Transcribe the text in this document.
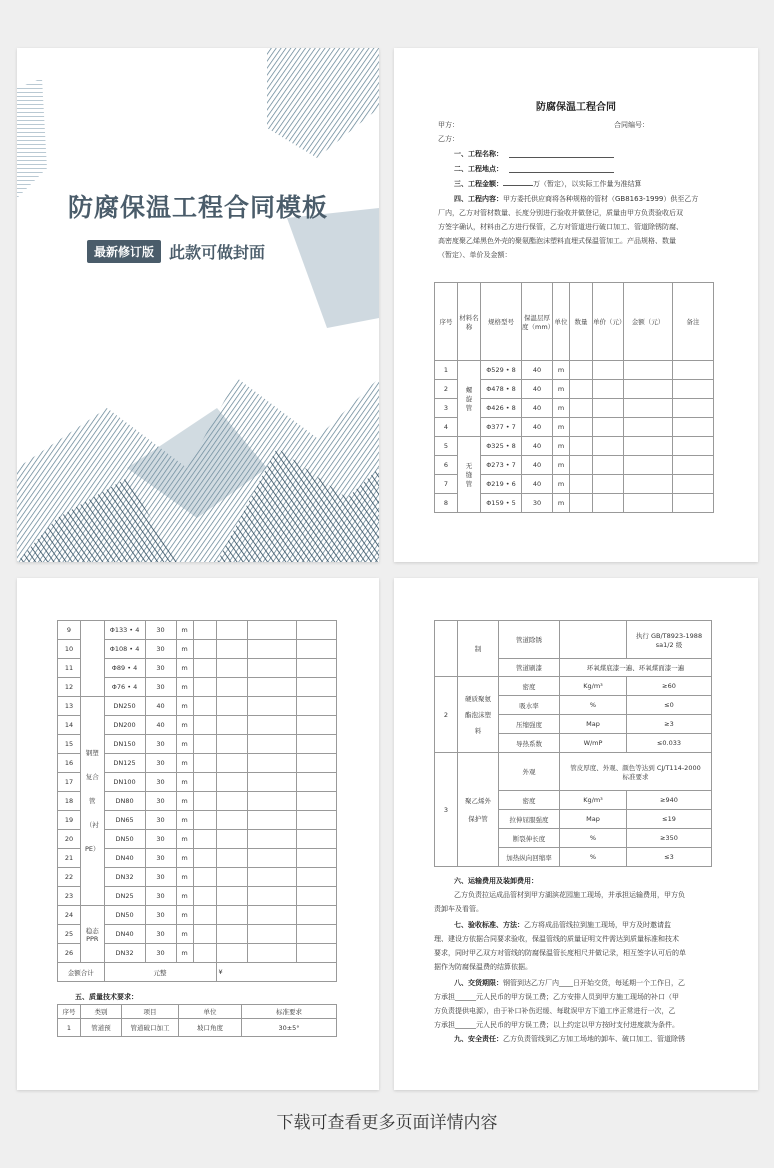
防腐保温工程合同模板
最新修订版 此款可做封面
防腐保温工程合同
甲方：	合同编号：
乙方：
一、工程名称：
二、工程地点：
三、工程金额：	万（暂定），以实际工作量为准结算
四、工程内容：甲方委托供应商将各种规格的管材（GB8163-1999）供至乙方
厂内，乙方对管材数量、长度分别进行验收并做登记，质量由甲方负责验收后双
方签字确认，材料由乙方进行保管，乙方对管道进行破口加工、管道除锈防腐、
高密度聚乙烯黑色外壳的聚氨酯泡沫塑料直埋式保温管加工。产品规格、数量
（暂定）、单价及金额：
序号	材料名称	规格型号	保温层厚度（mm）	单位	数量	单价（元）	金额（元）	备注
1	螺旋管	Φ529 • 8	40	m				
2		Φ478 • 8	40	m				
3		Φ426 • 8	40	m				
4		Φ377 • 7	40	m				
5	无缝管	Φ325 • 8	40	m				
6		Φ273 • 7	40	m				
7		Φ219 • 6	40	m				
8		Φ159 • 5	30	m				
9		Φ133 • 4	30	m				
10		Φ108 • 4	30	m				
11		Φ89 • 4	30	m				
12		Φ76 • 4	30	m				
13	钢塑复合管（衬PE）	DN250	40	m				
14		DN200	40	m				
15		DN150	30	m				
16		DN125	30	m				
17		DN100	30	m				
18		DN80	30	m				
19		DN65	30	m				
20		DN50	30	m				
21		DN40	30	m				
22		DN32	30	m				
23		DN25	30	m				
24	稳态PPR	DN50	30	m				
25		DN40	30	m				
26		DN32	30	m				
金额合计		元整				¥		
五、质量技术要求：
序号	类别	项目	单位	标准要求
1	管道预	管道破口加工	坡口角度	30±5°
	制	管道除锈		执行 GB/T8923-1988
sa1/2 级

		管道刷漆	环氧煤底漆一遍、环氧煤面漆一遍	
2	硬质聚氨酯泡沫塑料	密度	Kg/m³	≥60
		吸水率	%	≤0
		压缩强度	Map	≥3
		导热系数	W/mP	≤0.033
3	聚乙烯外保护管	外观	管皮厚度、外观、颜色等达到 CJ/T114-2000
标准要求	

		密度	Kg/m³	≥940
		拉伸屈服强度	Map	≤19
		断裂伸长度	%	≥350
		加热纵向回缩率	%	≤3
六、运输费用及装卸费用：
乙方负责拉运成品管材到甲方湖滨花园施工现场，并承担运输费用，甲方负
责卸车及看管。
七、验收标准、方法：乙方将成品管线拉到施工现场，甲方及时邀请监
理、建设方依据合同要求验收，保温管线的质量证明文件需达到质量标准和技术
要求，同时甲乙双方对管线的防腐保温管长度相尺并做记录，相互签字认可后的单
据作为防腐保温费的结算依据。
八、交货期限：钢管到达乙方厂内____日开始交货，每延期一个工作日，乙
方承担______元人民币的甲方误工费；乙方安排人员到甲方施工现场的补口（甲
方负责提供电源），由于补口补伤迟缓、每耽误甲方下道工序正常进行一次，乙
方承担______元人民币的甲方误工费；以上约定以甲方按时支付进度款为条件。
九、安全责任：乙方负责管线到乙方加工场地的卸车、破口加工、管道除锈
下载可查看更多页面详情内容
